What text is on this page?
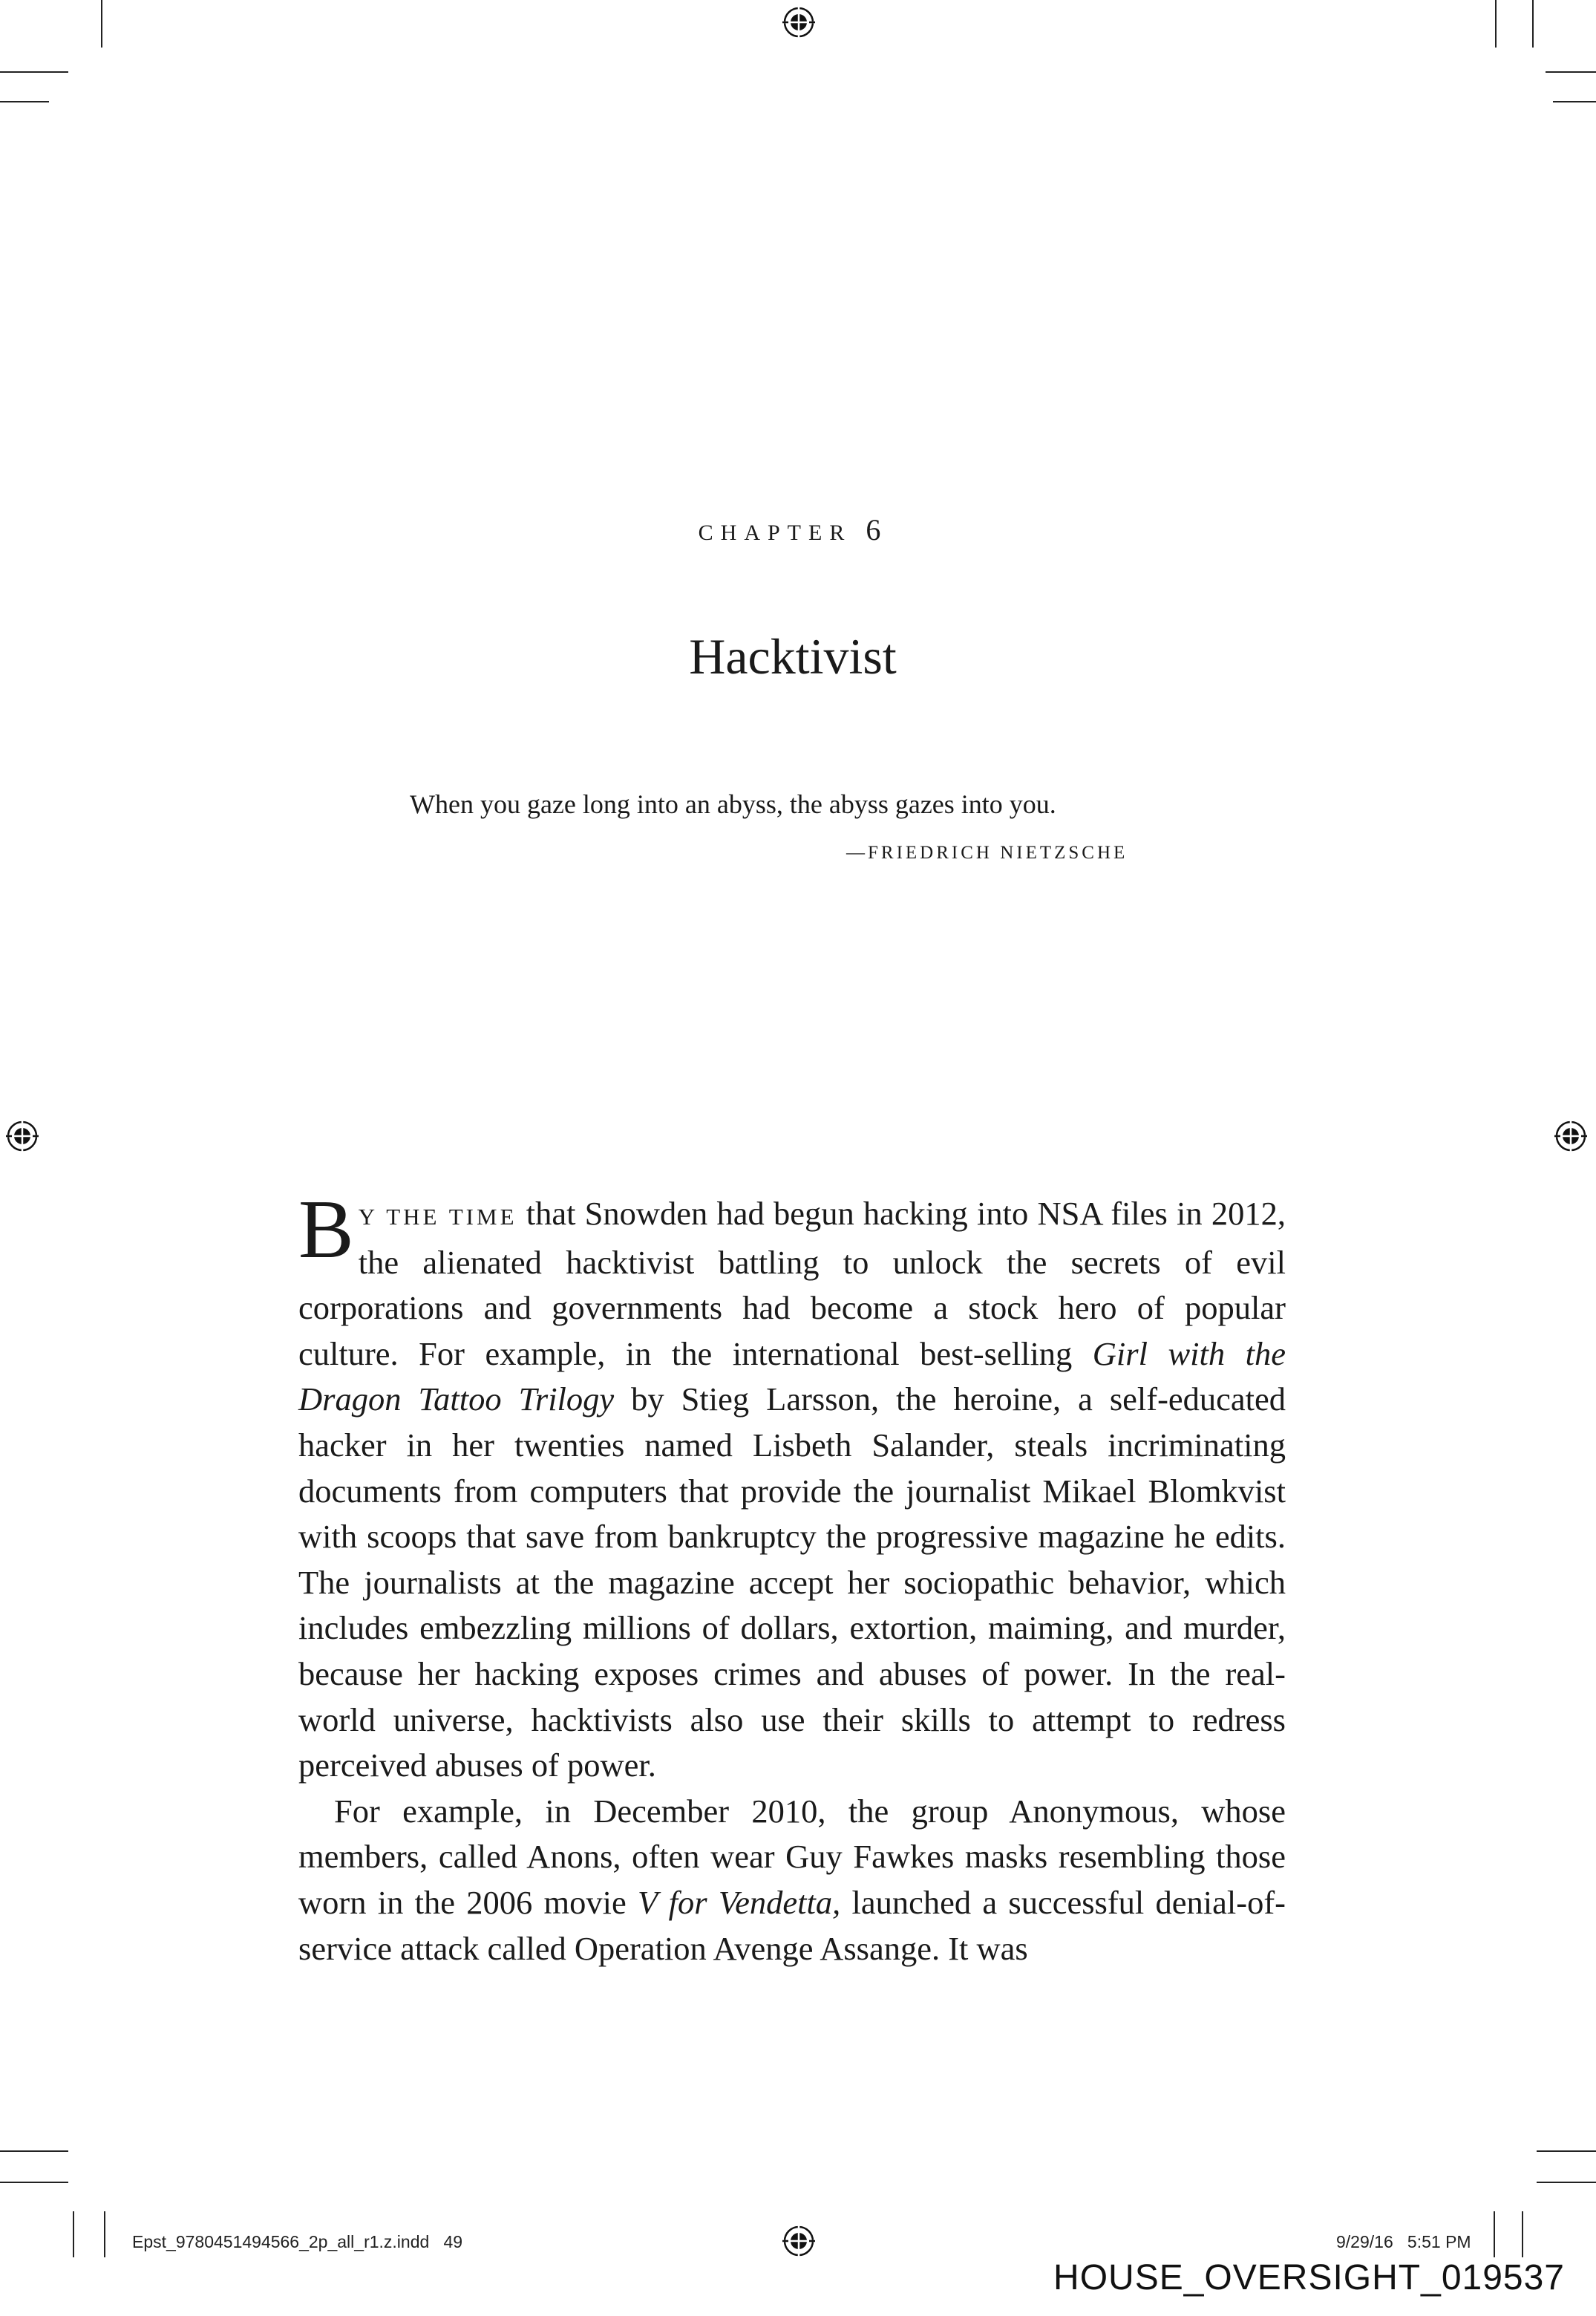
CHAPTER 6
Hacktivist

When you gaze long into an abyss, the abyss gazes into you.

—FRIEDRICH NIETZSCHE

BY THE TIME that Snowden had begun hacking into NSA files in 2012, the alienated hacktivist battling to unlock the secrets of evil corporations and governments had become a stock hero of popular culture. For example, in the international best-selling Girl with the Dragon Tattoo Trilogy by Stieg Larsson, the heroine, a self-educated hacker in her twenties named Lisbeth Salander, steals incriminating documents from computers that provide the journalist Mikael Blomkvist with scoops that save from bankruptcy the progressive magazine he edits. The journalists at the magazine accept her sociopathic behavior, which includes embezzling millions of dollars, extortion, maiming, and murder, because her hacking exposes crimes and abuses of power. In the real-world universe, hacktivists also use their skills to attempt to redress perceived abuses of power.

For example, in December 2010, the group Anonymous, whose members, called Anons, often wear Guy Fawkes masks resembling those worn in the 2006 movie V for Vendetta, launched a successful denial-of-service attack called Operation Avenge Assange. It was

Epst_9780451494566_2p_all_r1.z.indd   49	9/29/16   5:51 PM
HOUSE_OVERSIGHT_019537
